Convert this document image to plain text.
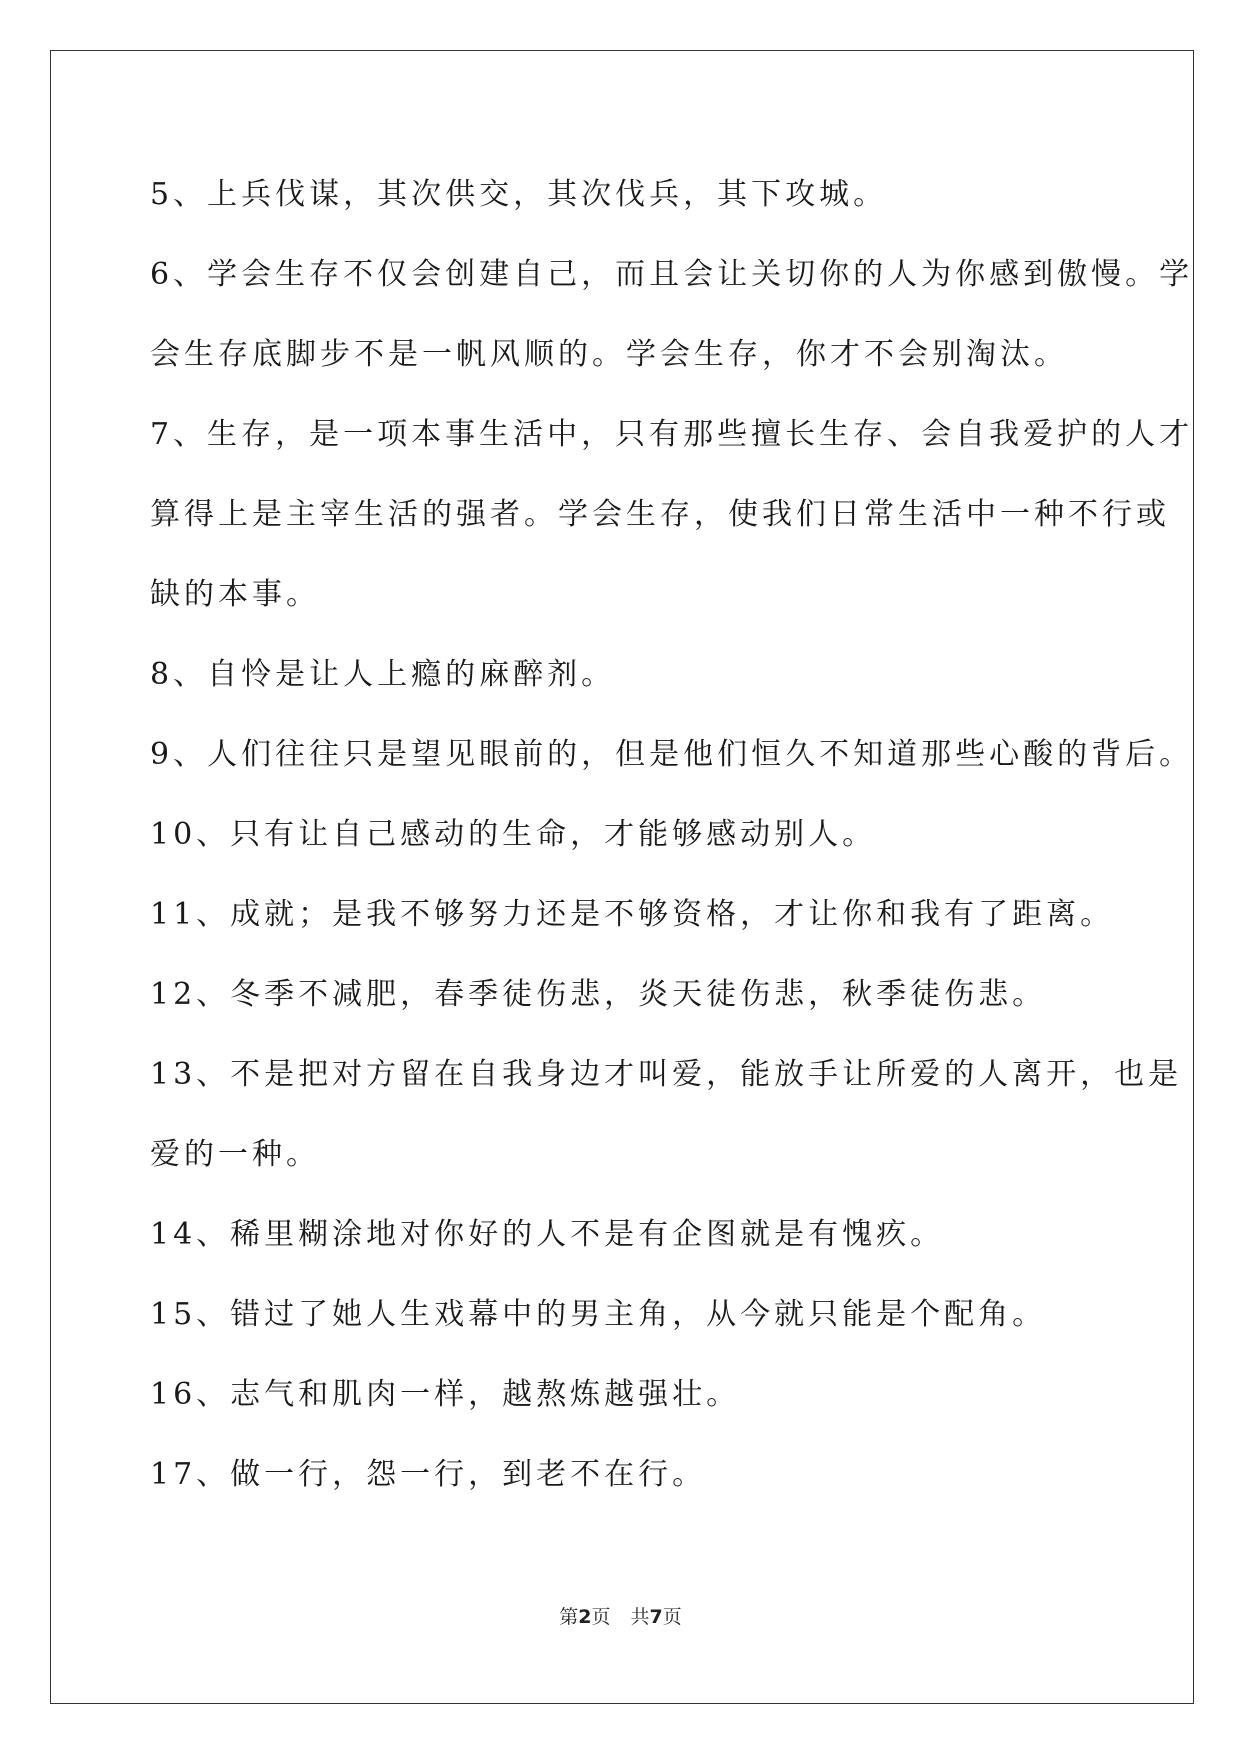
5、上兵伐谋，其次供交，其次伐兵，其下攻城。
6、学会生存不仅会创建自己，而且会让关切你的人为你感到傲慢。学
会生存底脚步不是一帆风顺的。学会生存，你才不会别淘汰。
7、生存，是一项本事生活中，只有那些擅长生存、会自我爱护的人才
算得上是主宰生活的强者。学会生存，使我们日常生活中一种不行或
缺的本事。
8、自怜是让人上瘾的麻醉剂。
9、人们往往只是望见眼前的，但是他们恒久不知道那些心酸的背后。
10、只有让自己感动的生命，才能够感动别人。
11、成就；是我不够努力还是不够资格，才让你和我有了距离。
12、冬季不减肥，春季徒伤悲，炎天徒伤悲，秋季徒伤悲。
13、不是把对方留在自我身边才叫爱，能放手让所爱的人离开，也是
爱的一种。
14、稀里糊涂地对你好的人不是有企图就是有愧疚。
15、错过了她人生戏幕中的男主角，从今就只能是个配角。
16、志气和肌肉一样，越熬炼越强壮。
17、做一行，怨一行，到老不在行。
第2页 共7页
